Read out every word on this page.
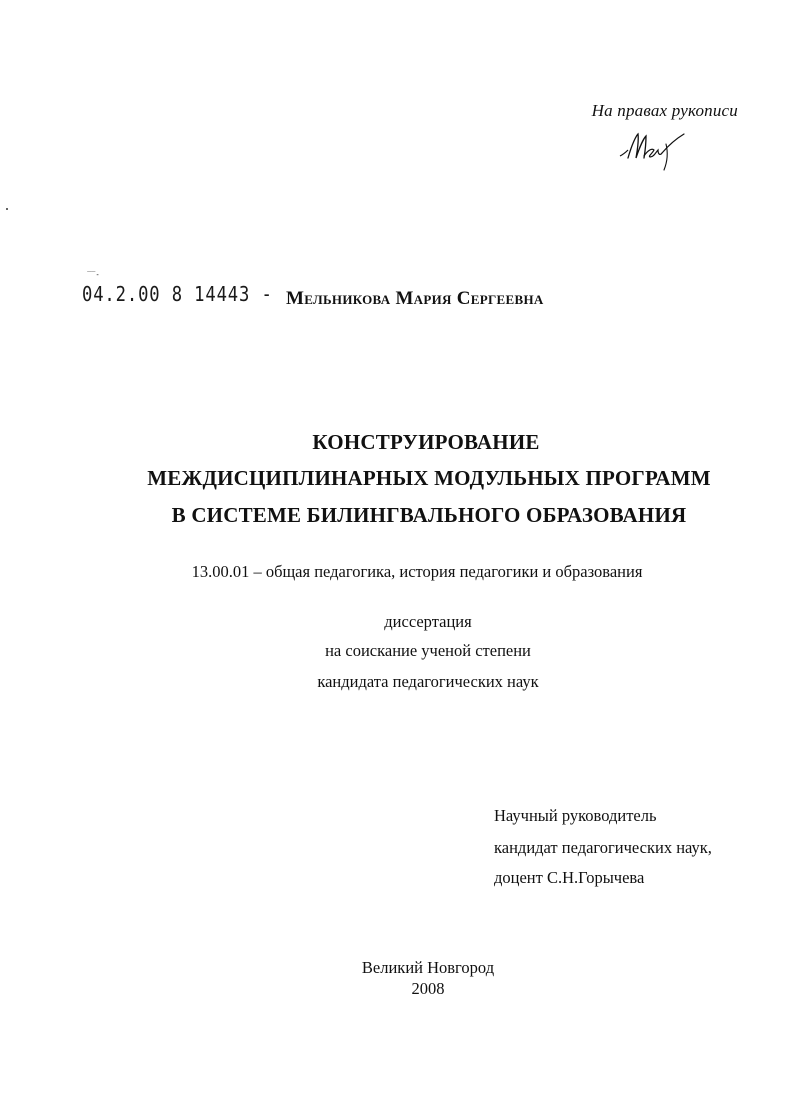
На правах рукописи
‾‾-
04.2.00 8 14443 - Мельникова Мария Сергеевна
КОНСТРУИРОВАНИЕ
МЕЖДИСЦИПЛИНАРНЫХ МОДУЛЬНЫХ ПРОГРАММ
В СИСТЕМЕ БИЛИНГВАЛЬНОГО ОБРАЗОВАНИЯ
13.00.01 – общая педагогика, история педагогики и образования
диссертация
на соискание ученой степени
кандидата педагогических наук
Научный руководитель
кандидат педагогических наук,
доцент С.Н.Горычева
Великий Новгород
2008
